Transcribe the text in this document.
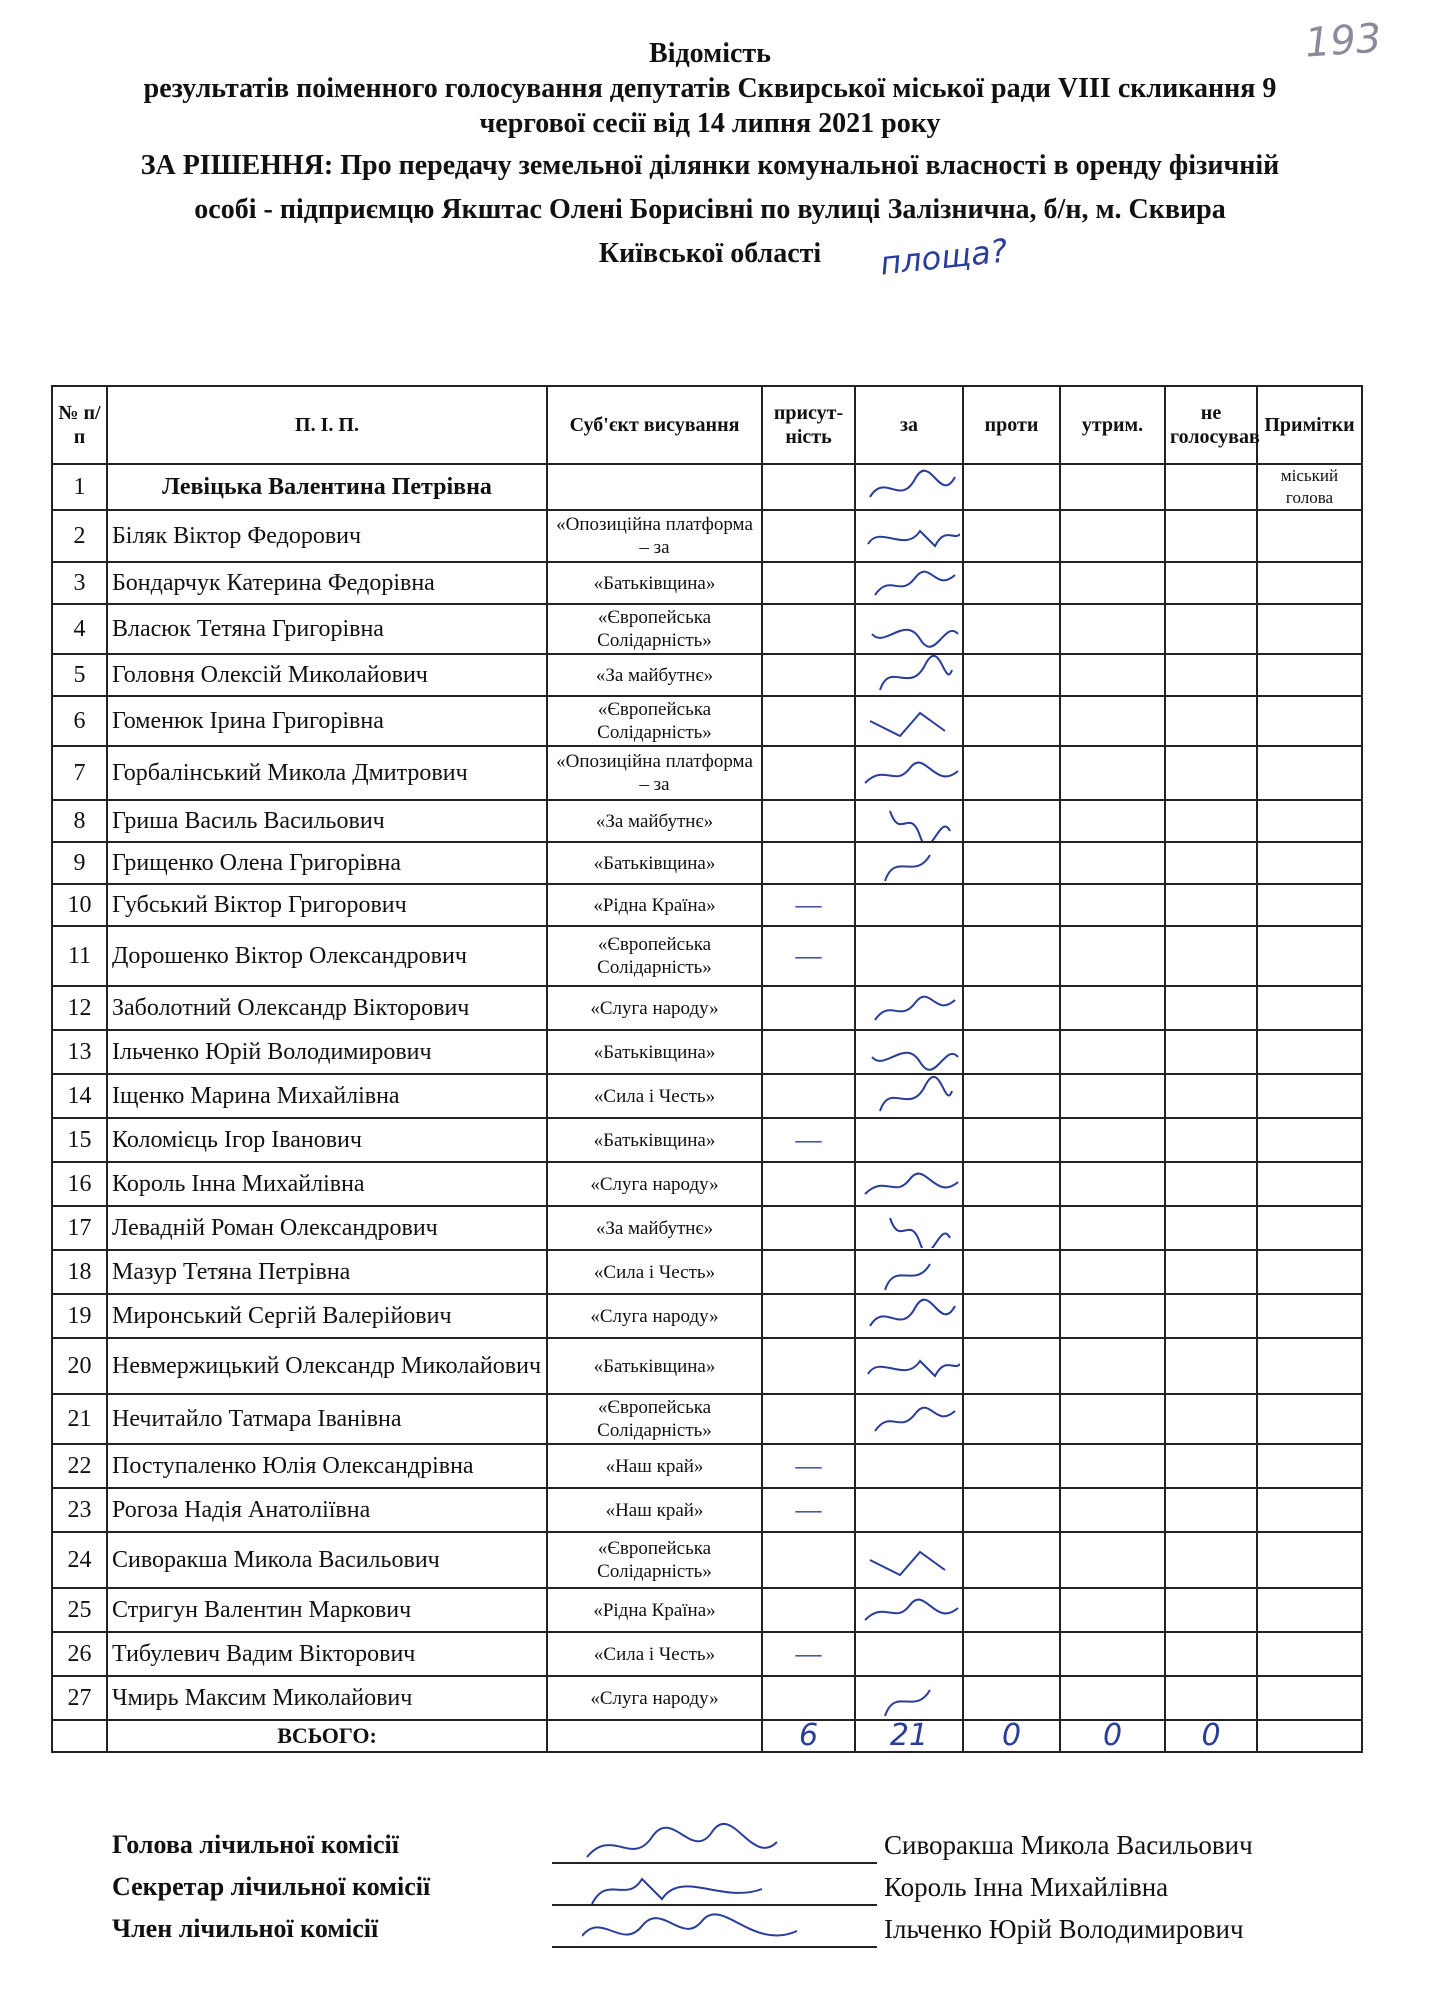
193
Відомість
результатів поіменного голосування депутатів Сквирської міської ради VIII скликання 9
чергової сесії від 14 липня 2021 року
ЗА РІШЕННЯ: Про передачу земельної ділянки комунальної власності в оренду фізичній
особі - підприємцю Якштас Олені Борисівні по вулиці Залізнична, б/н, м. Сквира
Київської області	площа?
№ п/п	П. І. П.	Суб'єкт висування	присут-ність	за	проти	утрим.	не голосував	Примітки
1	Левіцька Валентина Петрівна							міський голова
2	Біляк Віктор Федорович	«Опозиційна платформа – за		

3	Бондарчук Катерина Федорівна	«Батьківщина»		

4	Власюк Тетяна Григорівна	«Європейська Солідарність»		

5	Головня Олексій Миколайович	«За майбутнє»		

6	Гоменюк Ірина Григорівна	«Європейська Солідарність»		

7	Горбалінський Микола Дмитрович	«Опозиційна платформа – за		

8	Гриша Василь Васильович	«За майбутнє»		

9	Грищенко Олена Григорівна	«Батьківщина»		

10	Губський Віктор Григорович	«Рідна Країна»	—					
11	Дорошенко Віктор Олександрович	«Європейська Солідарність»	—					
12	Заболотний Олександр Вікторович	«Слуга народу»		

13	Ільченко Юрій Володимирович	«Батьківщина»		

14	Іщенко Марина Михайлівна	«Сила і Честь»		

15	Коломієць Ігор Іванович	«Батьківщина»	—					
16	Король Інна Михайлівна	«Слуга народу»		

17	Левадній Роман Олександрович	«За майбутнє»		

18	Мазур Тетяна Петрівна	«Сила і Честь»		

19	Миронський Сергій Валерійович	«Слуга народу»		

20	Невмержицький Олександр Миколайович	«Батьківщина»		

21	Нечитайло Татмара Іванівна	«Європейська Солідарність»		

22	Поступаленко Юлія Олександрівна	«Наш край»	—					
23	Рогоза Надія Анатоліївна	«Наш край»	—					
24	Сиворакша Микола Васильович	«Європейська Солідарність»		

25	Стригун Валентин Маркович	«Рідна Країна»		

26	Тибулевич Вадим Вікторович	«Сила і Честь»	—					
27	Чмирь Максим Миколайович	«Слуга народу»		

	ВСЬОГО:		6	21	0	0	0	
Голова лічильної комісії	Сиворакша Микола Васильович
Секретар лічильної комісії	Король Інна Михайлівна
Член лічильної комісії	Ільченко Юрій Володимирович
